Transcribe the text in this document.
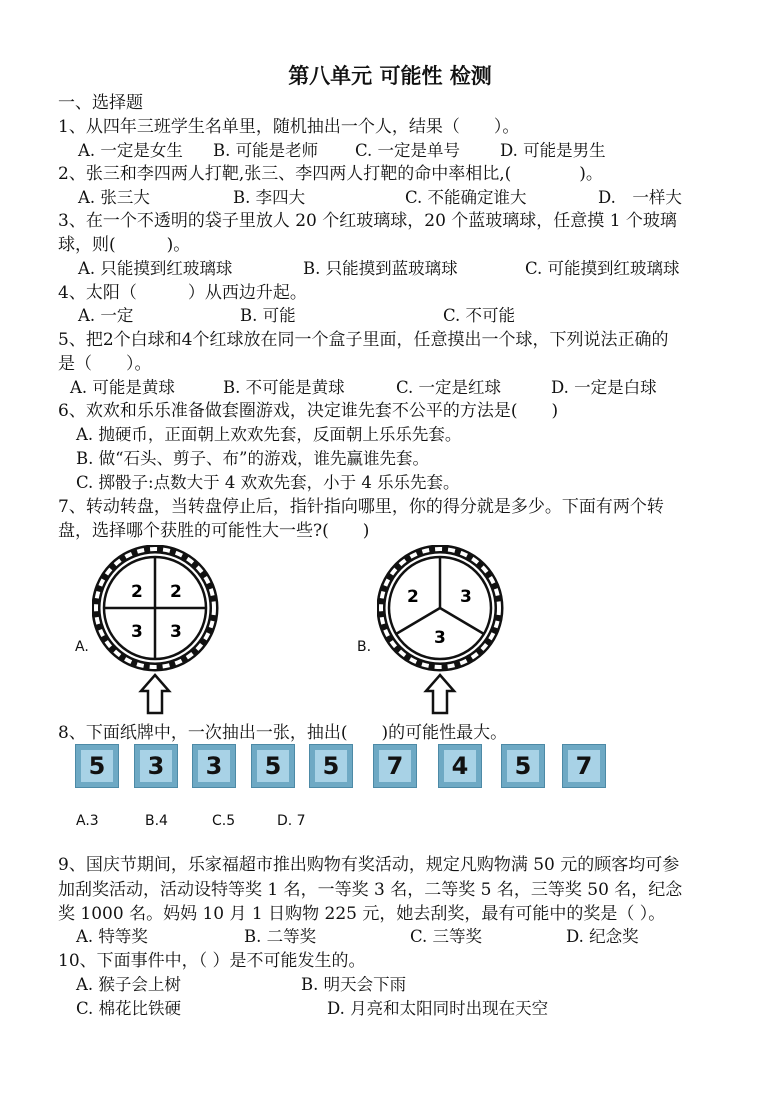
第八单元 可能性 检测
一、选择题
1、从四年三班学生名单里，随机抽出一个人，结果（　　）。
A. 一定是女生 B. 可能是老师 C. 一定是单号 D. 可能是男生
2、张三和李四两人打靶,张三、李四两人打靶的命中率相比,(　　　　)。
A. 张三大	B. 李四大	C. 不能确定谁大	D.　一样大
3、在一个不透明的袋子里放人 20 个红玻璃球，20 个蓝玻璃球，任意摸 1 个玻璃
球，则(　　　)。
A. 只能摸到红玻璃球	B. 只能摸到蓝玻璃球	C. 可能摸到红玻璃球
4、太阳（　　　）从西边升起。
A. 一定	B. 可能	C. 不可能
5、把2个白球和4个红球放在同一个盒子里面，任意摸出一个球，下列说法正确的
是（　　）。
A. 可能是黄球	B. 不可能是黄球	C. 一定是红球	D. 一定是白球
6、欢欢和乐乐准备做套圈游戏，决定谁先套不公平的方法是(　　)
A. 抛硬币，正面朝上欢欢先套，反面朝上乐乐先套。
B. 做“石头、剪子、布”的游戏，谁先赢谁先套。
C. 掷骰子:点数大于 4 欢欢先套，小于 4 乐乐先套。
7、转动转盘，当转盘停止后，指针指向哪里，你的得分就是多少。下面有两个转
盘，选择哪个获胜的可能性大一些?(　　)
A.	B.
2 2
3 3
2 3
3
8、下面纸牌中，一次抽出一张，抽出(　　)的可能性最大。
5	3	3	5	5	7	4	5	7
A.3	B.4	C.5	D. 7
9、国庆节期间，乐家福超市推出购物有奖活动，规定凡购物满 50 元的顾客均可参
加刮奖活动，活动设特等奖 1 名，一等奖 3 名，二等奖 5 名，三等奖 50 名，纪念
奖 1000 名。妈妈 10 月 1 日购物 225 元，她去刮奖，最有可能中的奖是（ ）。
A. 特等奖	B. 二等奖	C. 三等奖	D. 纪念奖
10、下面事件中，（ ）是不可能发生的。
A. 猴子会上树	B. 明天会下雨
C. 棉花比铁硬	D. 月亮和太阳同时出现在天空
